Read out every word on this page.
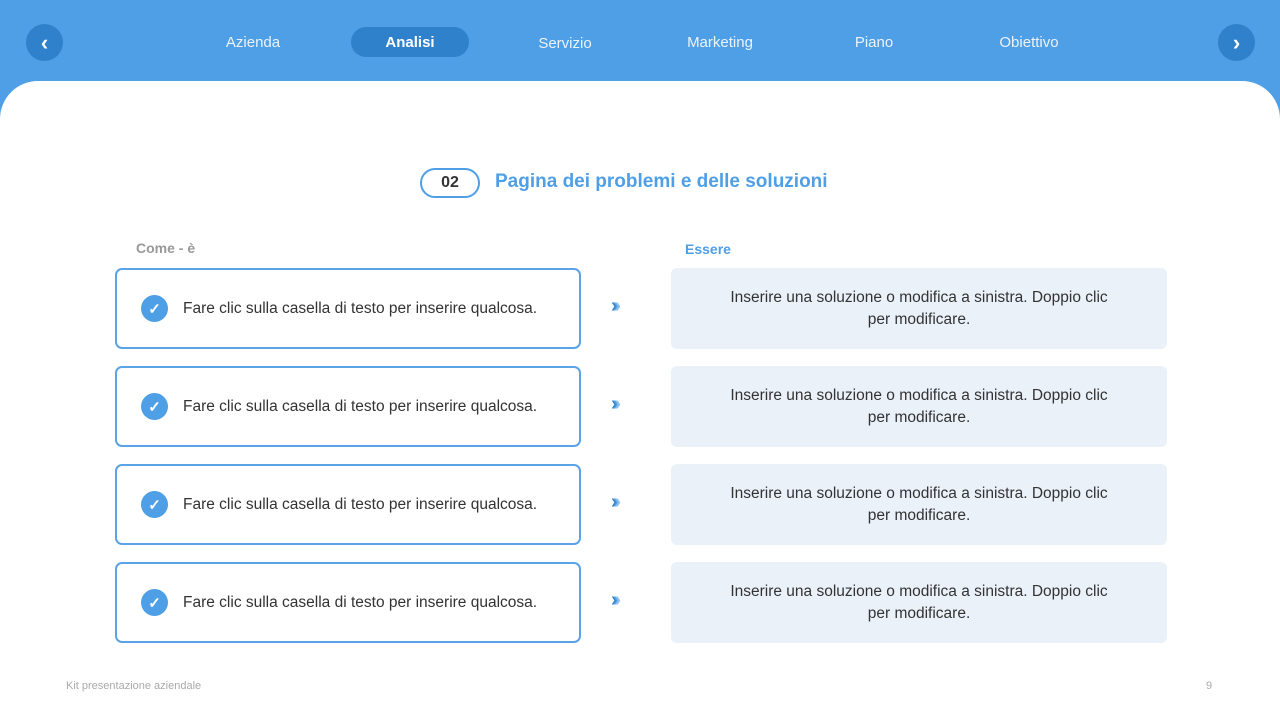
‹	Azienda	Analisi	Servizio	Marketing	Piano	Obiettivo	›
02	Pagina dei problemi e delle soluzioni
Come - è	Essere
✓	Fare clic sulla casella di testo per inserire qualcosa.	›››	Inserire una soluzione o modifica a sinistra. Doppio clic per modificare.
✓	Fare clic sulla casella di testo per inserire qualcosa.	›››	Inserire una soluzione o modifica a sinistra. Doppio clic per modificare.
✓	Fare clic sulla casella di testo per inserire qualcosa.	›››	Inserire una soluzione o modifica a sinistra. Doppio clic per modificare.
✓	Fare clic sulla casella di testo per inserire qualcosa.	›››	Inserire una soluzione o modifica a sinistra. Doppio clic per modificare.
Kit presentazione aziendale	9
